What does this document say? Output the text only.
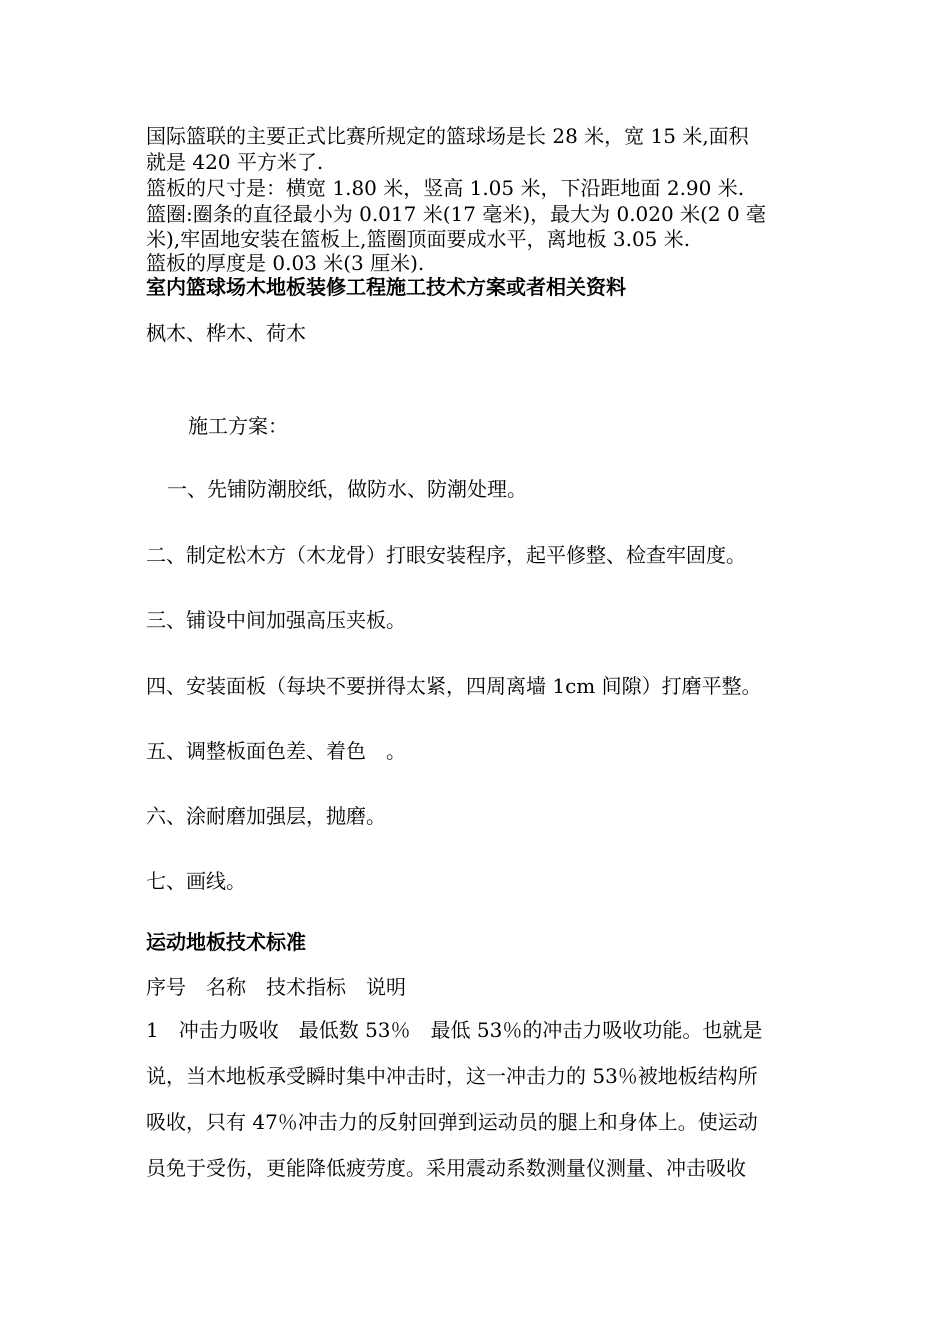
国际篮联的主要正式比赛所规定的篮球场是长 28 米，宽 15 米,面积
就是 420 平方米了.
篮板的尺寸是：横宽 1.80 米，竖高 1.05 米，下沿距地面 2.90 米.
篮圈:圈条的直径最小为 0.017 米(17 毫米)，最大为 0.020 米(2 0 毫
米),牢固地安装在篮板上,篮圈顶面要成水平，离地板 3.05 米.
篮板的厚度是 0.03 米(3 厘米).
室内篮球场木地板装修工程施工技术方案或者相关资料
枫木、桦木、荷木
施工方案：
一、先铺防潮胶纸，做防水、防潮处理。
二、制定松木方（木龙骨）打眼安装程序，起平修整、检查牢固度。
三、铺设中间加强高压夹板。
四、安装面板（每块不要拼得太紧，四周离墙 1cm 间隙）打磨平整。
五、调整板面色差、着色　。
六、涂耐磨加强层，抛磨。
七、画线。
运动地板技术标准
序号　名称　技术指标　说明
1　冲击力吸收　最低数 53％　最低 53％的冲击力吸收功能。也就是
说，当木地板承受瞬时集中冲击时，这一冲击力的 53％被地板结构所
吸收，只有 47％冲击力的反射回弹到运动员的腿上和身体上。使运动
员免于受伤，更能降低疲劳度。采用震动系数测量仪测量、冲击吸收
